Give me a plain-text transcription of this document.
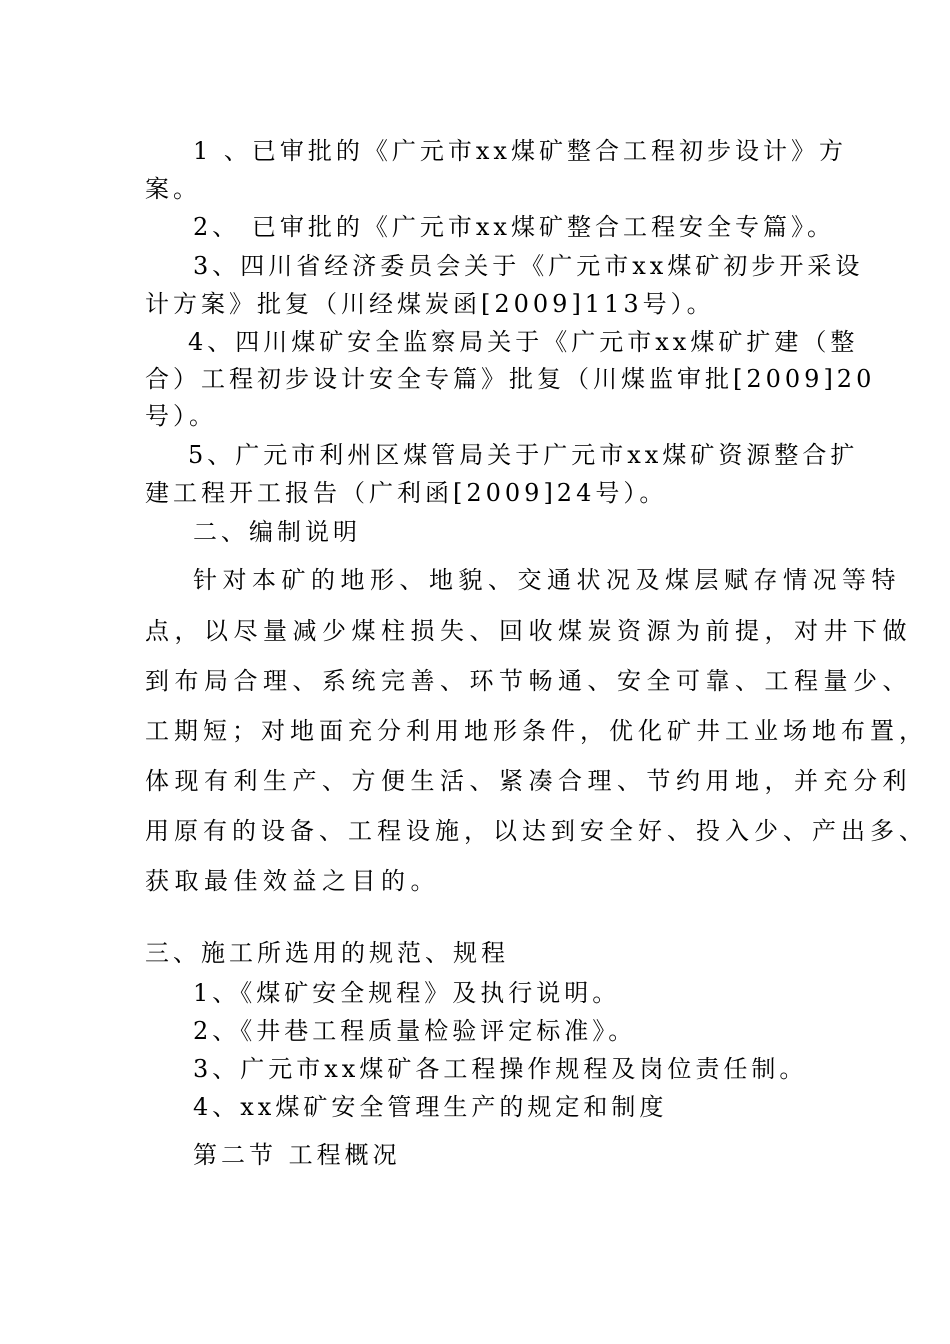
1 、已审批的《广元市xx煤矿整合工程初步设计》方
案。
2、 已审批的《广元市xx煤矿整合工程安全专篇》。
3、四川省经济委员会关于《广元市xx煤矿初步开采设
计方案》批复（川经煤炭函[2009]113号）。
4、四川煤矿安全监察局关于《广元市xx煤矿扩建（整
合）工程初步设计安全专篇》批复（川煤监审批[2009]20
号）。
5、广元市利州区煤管局关于广元市xx煤矿资源整合扩
建工程开工报告（广利函[2009]24号）。
二、编制说明
针对本矿的地形、地貌、交通状况及煤层赋存情况等特
点，以尽量减少煤柱损失、回收煤炭资源为前提，对井下做
到布局合理、系统完善、环节畅通、安全可靠、工程量少、
工期短；对地面充分利用地形条件，优化矿井工业场地布置，
体现有利生产、方便生活、紧凑合理、节约用地，并充分利
用原有的设备、工程设施，以达到安全好、投入少、产出多、
获取最佳效益之目的。
三、施工所选用的规范、规程
1、《煤矿安全规程》及执行说明。
2、《井巷工程质量检验评定标准》。
3、广元市xx煤矿各工程操作规程及岗位责任制。
4、xx煤矿安全管理生产的规定和制度
第二节 工程概况
